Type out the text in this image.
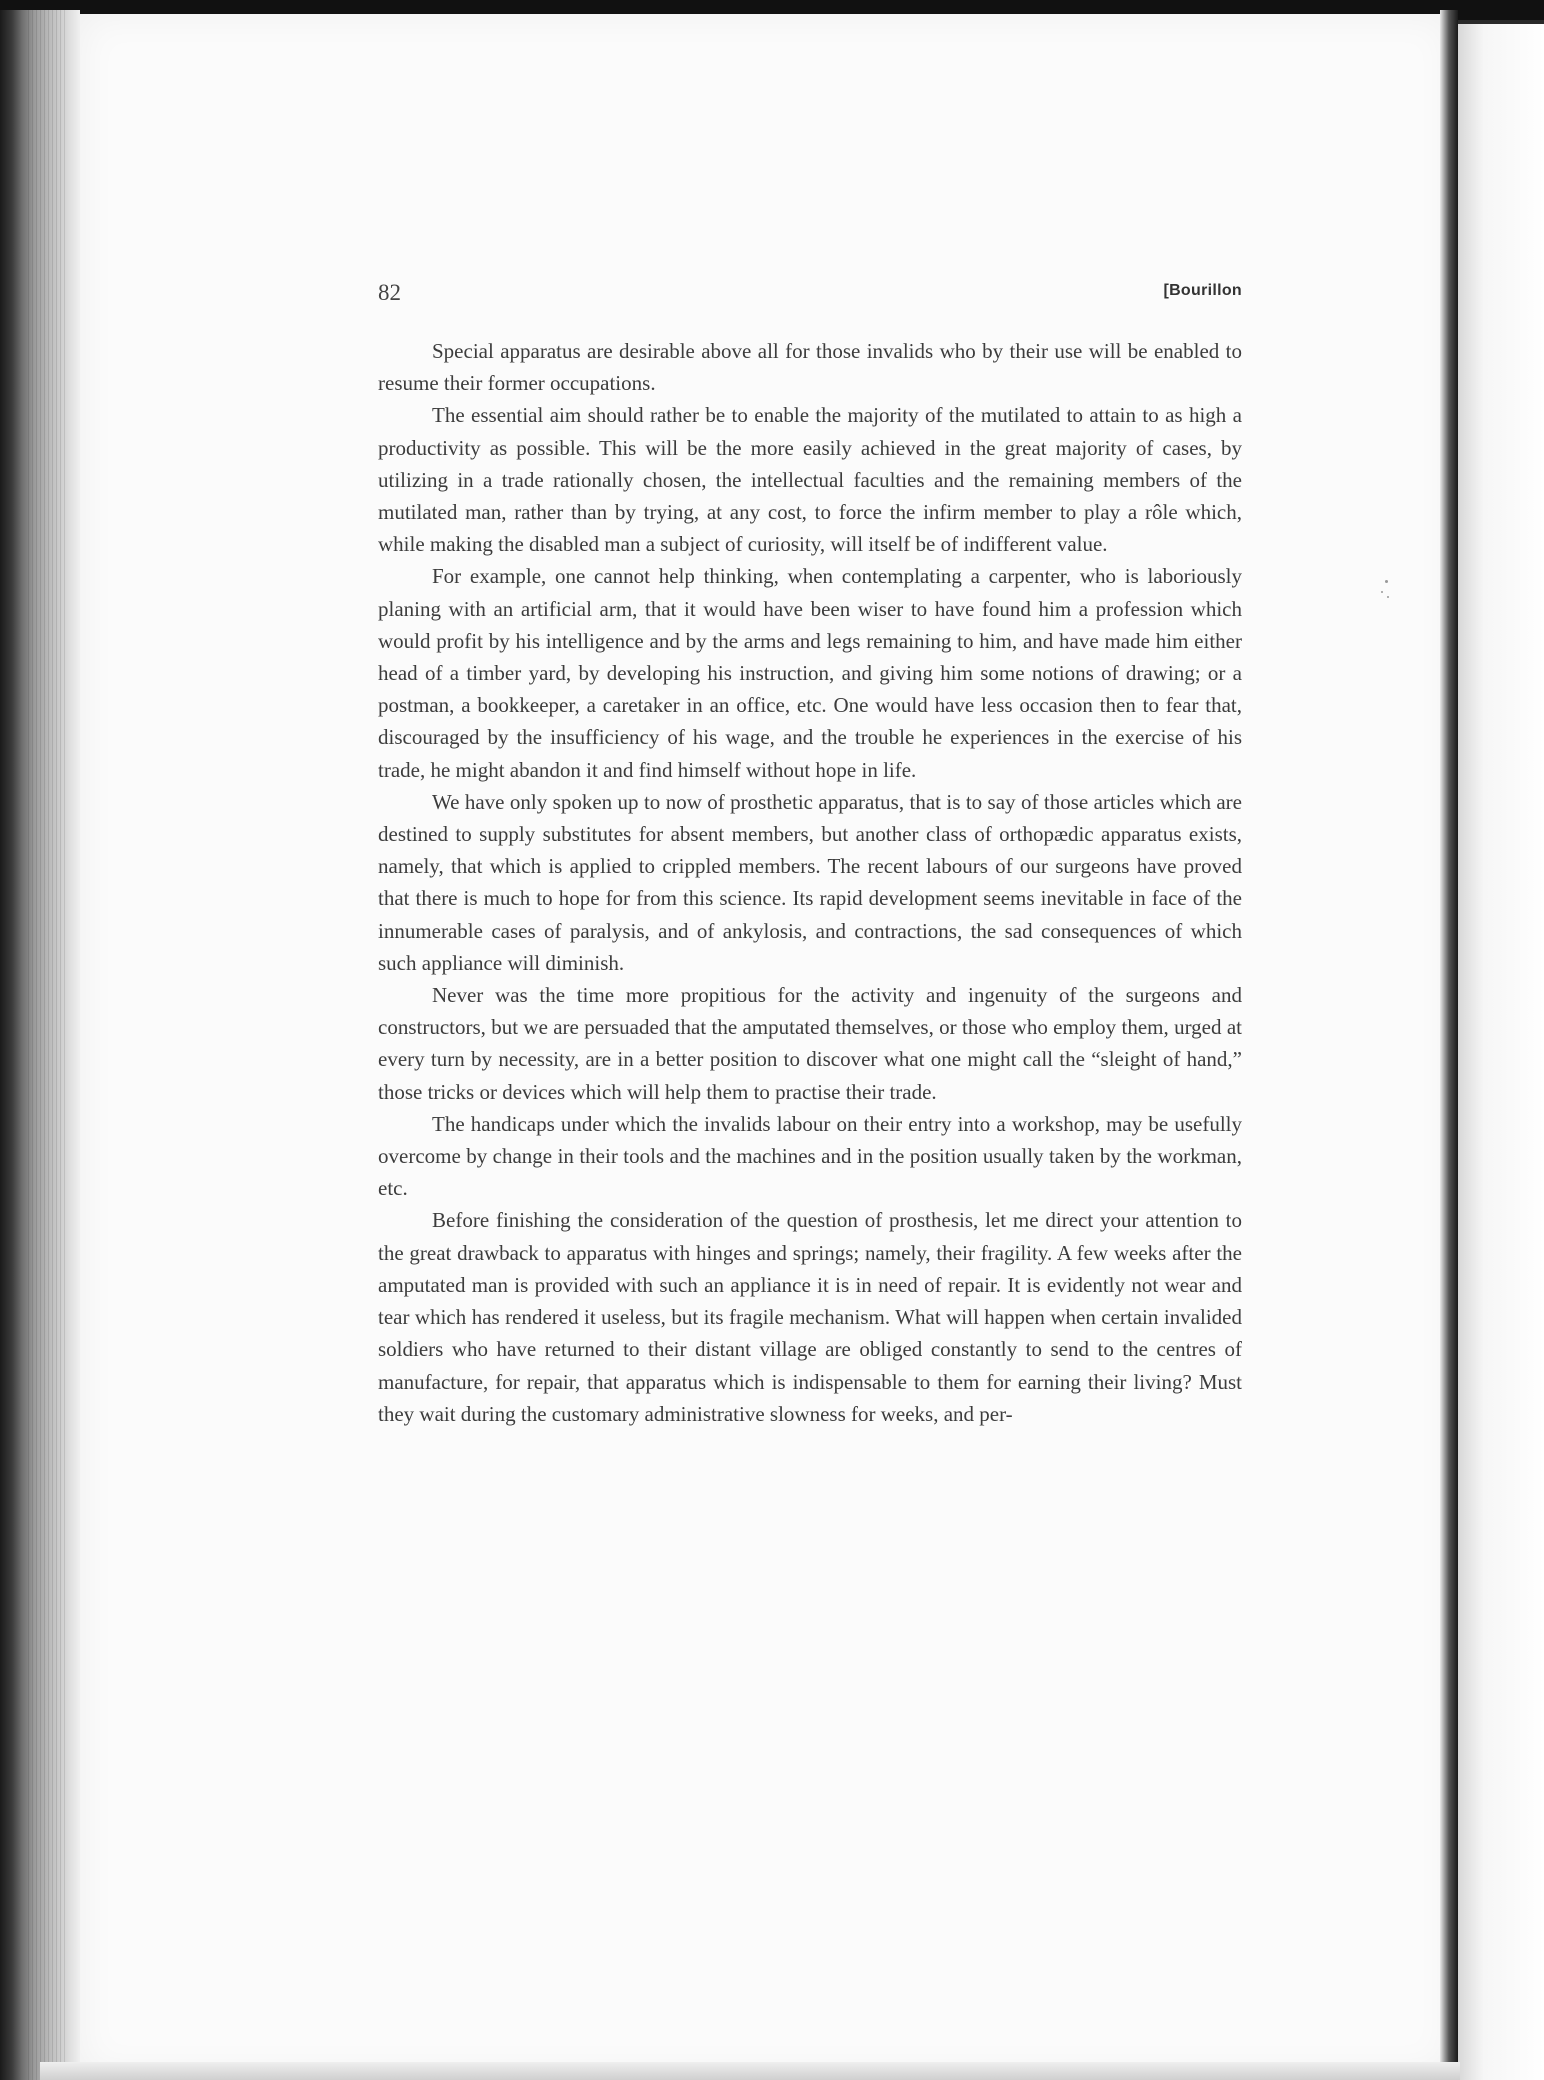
82	[Bourillon

Special apparatus are desirable above all for those invalids who by their use will be enabled to resume their former occupations.

The essential aim should rather be to enable the majority of the mutilated to attain to as high a productivity as possible. This will be the more easily achieved in the great majority of cases, by utilizing in a trade rationally chosen, the intellectual faculties and the remaining members of the mutilated man, rather than by trying, at any cost, to force the infirm member to play a rôle which, while making the disabled man a subject of curiosity, will itself be of indifferent value.

For example, one cannot help thinking, when contemplating a carpenter, who is laboriously planing with an artificial arm, that it would have been wiser to have found him a profession which would profit by his intelligence and by the arms and legs remaining to him, and have made him either head of a timber yard, by developing his instruction, and giving him some notions of drawing; or a postman, a bookkeeper, a caretaker in an office, etc. One would have less occasion then to fear that, discouraged by the insufficiency of his wage, and the trouble he experiences in the exercise of his trade, he might abandon it and find himself without hope in life.

We have only spoken up to now of prosthetic apparatus, that is to say of those articles which are destined to supply substitutes for absent members, but another class of orthopædic apparatus exists, namely, that which is applied to crippled members. The recent labours of our surgeons have proved that there is much to hope for from this science. Its rapid development seems inevitable in face of the innumerable cases of paralysis, and of ankylosis, and contractions, the sad consequences of which such appliance will diminish.

Never was the time more propitious for the activity and ingenuity of the surgeons and constructors, but we are persuaded that the amputated themselves, or those who employ them, urged at every turn by necessity, are in a better position to discover what one might call the “sleight of hand,” those tricks or devices which will help them to practise their trade.

The handicaps under which the invalids labour on their entry into a workshop, may be usefully overcome by change in their tools and the machines and in the position usually taken by the workman, etc.

Before finishing the consideration of the question of prosthesis, let me direct your attention to the great drawback to apparatus with hinges and springs; namely, their fragility. A few weeks after the amputated man is provided with such an appliance it is in need of repair. It is evidently not wear and tear which has rendered it useless, but its fragile mechanism. What will happen when certain invalided soldiers who have returned to their distant village are obliged constantly to send to the centres of manufacture, for repair, that apparatus which is indispensable to them for earning their living? Must they wait during the customary administrative slowness for weeks, and per-
